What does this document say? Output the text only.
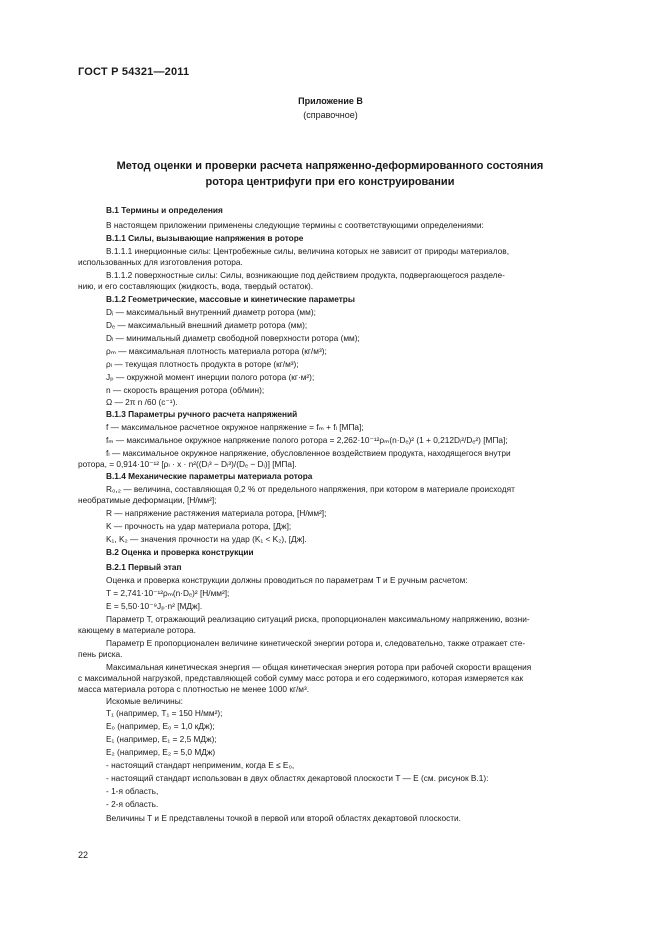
ГОСТ Р 54321—2011
Приложение В
(справочное)
Метод оценки и проверки расчета напряженно-деформированного состояния
ротора центрифуги при его конструировании
В.1 Термины и определения
В настоящем приложении применены следующие термины с соответствующими определениями:
В.1.1 Силы, вызывающие напряжения в роторе
В.1.1.1 инерционные силы: Центробежные силы, величина которых не зависит от природы материалов,
использованных для изготовления ротора.
В.1.1.2 поверхностные силы: Силы, возникающие под действием продукта, подвергающегося разделе-
нию, и его составляющих (жидкость, вода, твердый остаток).
В.1.2 Геометрические, массовые и кинетические параметры
Dᵢ — максимальный внутренний диаметр ротора (мм);
Dₑ — максимальный внешний диаметр ротора (мм);
Dₗ — минимальный диаметр свободной поверхности ротора (мм);
ρₘ — максимальная плотность материала ротора (кг/м³);
ρₗ — текущая плотность продукта в роторе (кг/м³);
Jₚ — окружной момент инерции полого ротора (кг·м²);
n — скорость вращения ротора (об/мин);
Ω — 2π n /60 (с⁻¹).
В.1.3 Параметры ручного расчета напряжений
f — максимальное расчетное окружное напряжение = fₘ + fₗ [МПа];
fₘ — максимальное окружное напряжение полого ротора = 2,262·10⁻¹²ρₘ(n·Dₑ)² (1 + 0,212Dᵢ²/Dₑ²) [МПа];
fₗ — максимальное окружное напряжение, обусловленное воздействием продукта, находящегося внутри
ротора, = 0,914·10⁻¹² [ρₗ · x · n²((Dᵢ³ − Dₗ³)/(Dₑ − Dᵢ)] [МПа].
В.1.4 Механические параметры материала ротора
R₀,₂ — величина, составляющая 0,2 % от предельного напряжения, при котором в материале происходят
необратимые деформации, [Н/мм²];
R — напряжение растяжения материала ротора, [Н/мм²];
K — прочность на удар материала ротора, [Дж];
K₁, K₂ — значения прочности на удар (K₁ < K₂), [Дж].
В.2 Оценка и проверка конструкции
В.2.1 Первый этап
Оценка и проверка конструкции должны проводиться по параметрам T и E ручным расчетом:
T = 2,741·10⁻¹²ρₘ(n·Dₑ)² [Н/мм²];
E = 5,50·10⁻⁹Jₚ·n² [МДж].
Параметр T, отражающий реализацию ситуаций риска, пропорционален максимальному напряжению, возни-
кающему в материале ротора.
Параметр E пропорционален величине кинетической энергии ротора и, следовательно, также отражает сте-
пень риска.
Максимальная кинетическая энергия — общая кинетическая энергия ротора при рабочей скорости вращения
с максимальной нагрузкой, представляющей собой сумму масс ротора и его содержимого, которая измеряется как
масса материала ротора с плотностью не менее 1000 кг/м³.
Искомые величины:
T₁ (например, T₁ = 150 Н/мм²);
E₀ (например, E₀ = 1,0 кДж);
E₁ (например, E₁ = 2,5 МДж);
E₂ (например, E₂ = 5,0 МДж)
- настоящий стандарт неприменим, когда E ≤ E₀,
- настоящий стандарт использован в двух областях декартовой плоскости T — E (см. рисунок В.1):
- 1-я область,
- 2-я область.
Величины T и E представлены точкой в первой или второй областях декартовой плоскости.
22
